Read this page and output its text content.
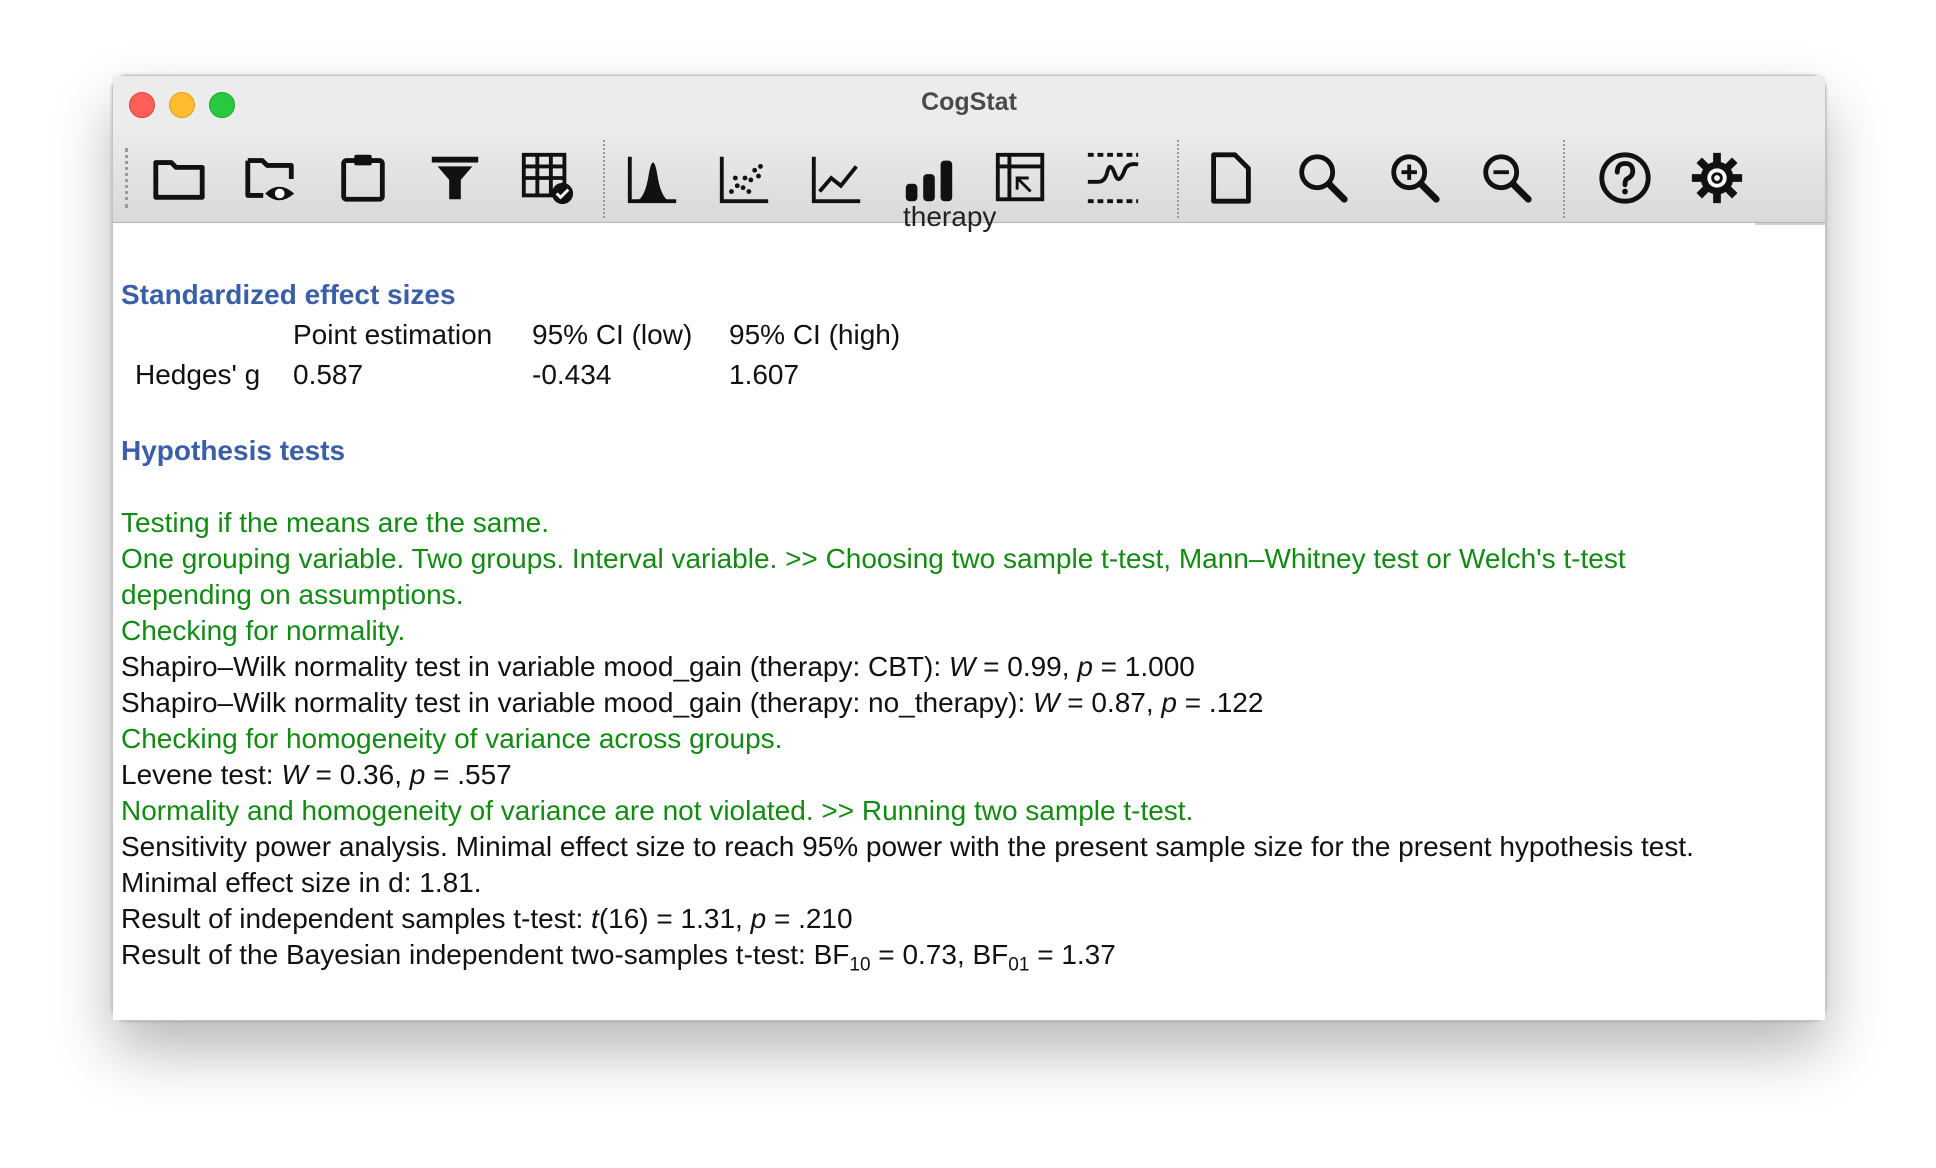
CogStat
therapy
Standardized effect sizes
Point estimation 95% CI (low) 95% CI (high)
Hedges' g 0.587	-0.434	1.607
Hypothesis tests
Testing if the means are the same.
One grouping variable. Two groups. Interval variable. >> Choosing two sample t-test, Mann–Whitney test or Welch's t-test
depending on assumptions.
Checking for normality.
Shapiro–Wilk normality test in variable mood_gain (therapy: CBT): W = 0.99, p = 1.000
Shapiro–Wilk normality test in variable mood_gain (therapy: no_therapy): W = 0.87, p = .122
Checking for homogeneity of variance across groups.
Levene test: W = 0.36, p = .557
Normality and homogeneity of variance are not violated. >> Running two sample t-test.
Sensitivity power analysis. Minimal effect size to reach 95% power with the present sample size for the present hypothesis test.
Minimal effect size in d: 1.81.
Result of independent samples t-test: t(16) = 1.31, p = .210
Result of the Bayesian independent two-samples t-test: $BF_{10} = 0.73$, $BF_{01} = 1.37$
